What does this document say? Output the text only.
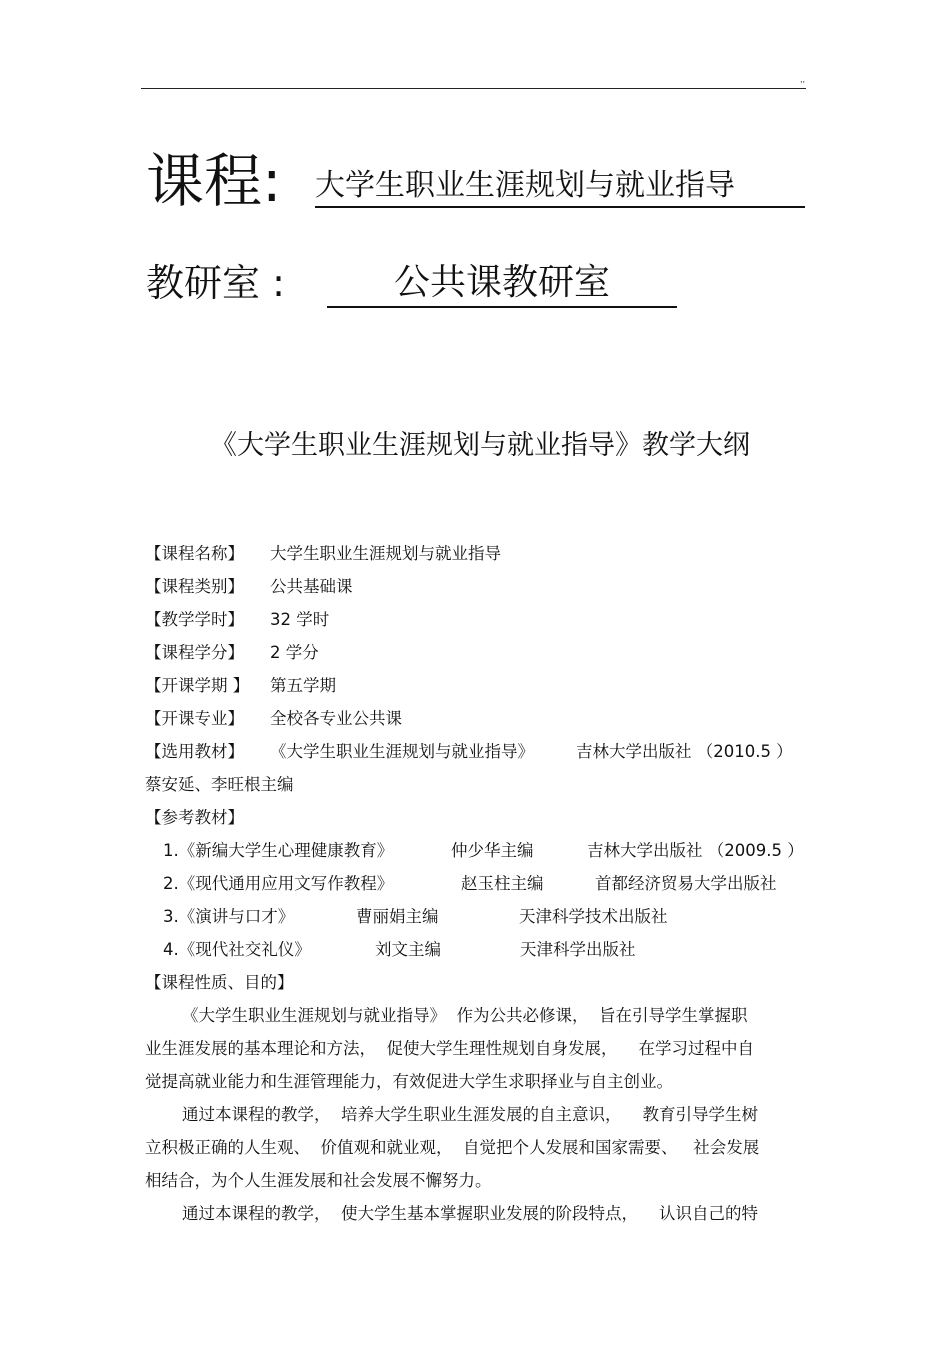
,,
课程: 大学生职业生涯规划与就业指导
教研室 :	公共课教研室
《大学生职业生涯规划与就业指导》教学大纲
【课程名称】	大学生职业生涯规划与就业指导
【课程类别】	公共基础课
【教学学时】	32 学时
【课程学分】	2 学分
【开课学期 】	第五学期
【开课专业】	全校各专业公共课
【选用教材】	《大学生职业生涯规划与就业指导》        吉林大学出版社 （2010.5 ）
蔡安延、李旺根主编
【参考教材】
1.《新编大学生心理健康教育》	仲少华主编	吉林大学出版社 （2009.5 ）
2.《现代通用应用文写作教程》	赵玉柱主编	首都经济贸易大学出版社
3.《演讲与口才》	曹丽娟主编	天津科学技术出版社
4.《现代社交礼仪》	刘文主编	天津科学出版社
【课程性质、目的】
《大学生职业生涯规划与就业指导》  作为公共必修课，  旨在引导学生掌握职
业生涯发展的基本理论和方法，  促使大学生理性规划自身发展，    在学习过程中自
觉提高就业能力和生涯管理能力，有效促进大学生求职择业与自主创业。
通过本课程的教学，  培养大学生职业生涯发展的自主意识，    教育引导学生树
立积极正确的人生观、  价值观和就业观，  自觉把个人发展和国家需要、   社会发展
相结合，为个人生涯发展和社会发展不懈努力。
通过本课程的教学，  使大学生基本掌握职业发展的阶段特点，    认识自己的特
